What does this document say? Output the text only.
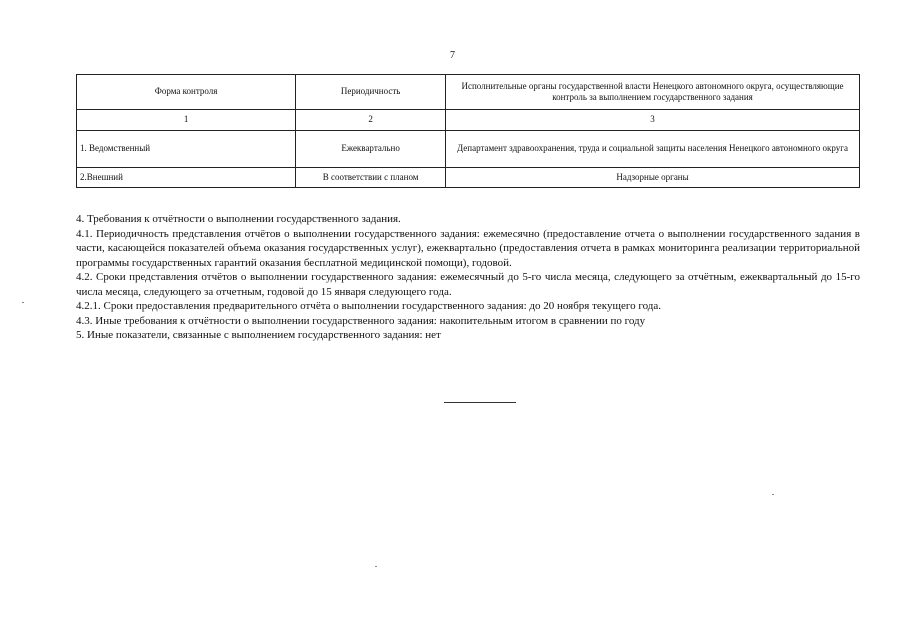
7
Форма контроля	Периодичность	Исполнительные органы государственной власти Ненецкого автономного округа, осуществляющие контроль за выполнением государственного задания
1	2	3
1. Ведомственный	Ежеквартально	Департамент здравоохранения, труда и социальной защиты населения Ненецкого автономного округа
2.Внешний	В соответствии с планом	Надзорные органы

4. Требования к отчётности о выполнении государственного задания.

4.1. Периодичность представления отчётов о выполнении государственного задания: ежемесячно (предоставление отчета о выполнении государственного задания в части, касающейся показателей объема оказания государственных услуг), ежеквартально (предоставления отчета в рамках мониторинга реализации территориальной программы государственных гарантий оказания бесплатной медицинской помощи), годовой.

4.2. Сроки представления отчётов о выполнении государственного задания: ежемесячный до 5-го числа месяца, следующего за отчётным, ежеквартальный до 15-го числа месяца, следующего за отчетным, годовой до 15 января следующего года.

4.2.1. Сроки предоставления предварительного отчёта о выполнении государственного задания: до 20 ноября текущего года.

4.3. Иные требования к отчётности о выполнении государственного задания: накопительным итогом в сравнении по году

5. Иные показатели, связанные с выполнением государственного задания: нет
